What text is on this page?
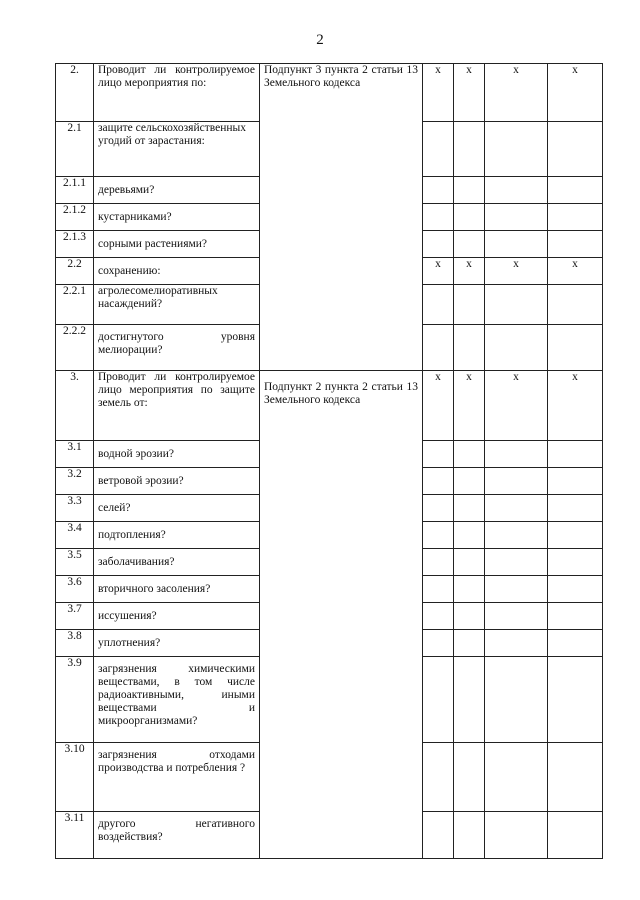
2
2.	Проводит ли контролируемое лицо мероприятия по:	Подпункт 3 пункта 2 статьи 13 Земельного кодекса	x	x	x	x
2.1	защите сельскохозяйственных угодий от зарастания:					
2.1.1	деревьями?					
2.1.2	кустарниками?					
2.1.3	сорными растениями?					
2.2	сохранению:		x	x	x	x
2.2.1	агролесомелиоративных насаждений?					
2.2.2	достигнутого уровня мелиорации?					
3.	Проводит ли контролируемое лицо мероприятия по защите земель от:	Подпункт 2 пункта 2 статьи 13 Земельного кодекса	x	x	x	x
3.1	водной эрозии?					
3.2	ветровой эрозии?					
3.3	селей?					
3.4	подтопления?					
3.5	заболачивания?					
3.6	вторичного засоления?					
3.7	иссушения?					
3.8	уплотнения?					
3.9	загрязнения химическими веществами, в том числе радиоактивными, иными веществами и микроорганизмами?					
3.10	загрязнения отходами производства и потребления ?					
3.11	другого негативного воздействия?					
